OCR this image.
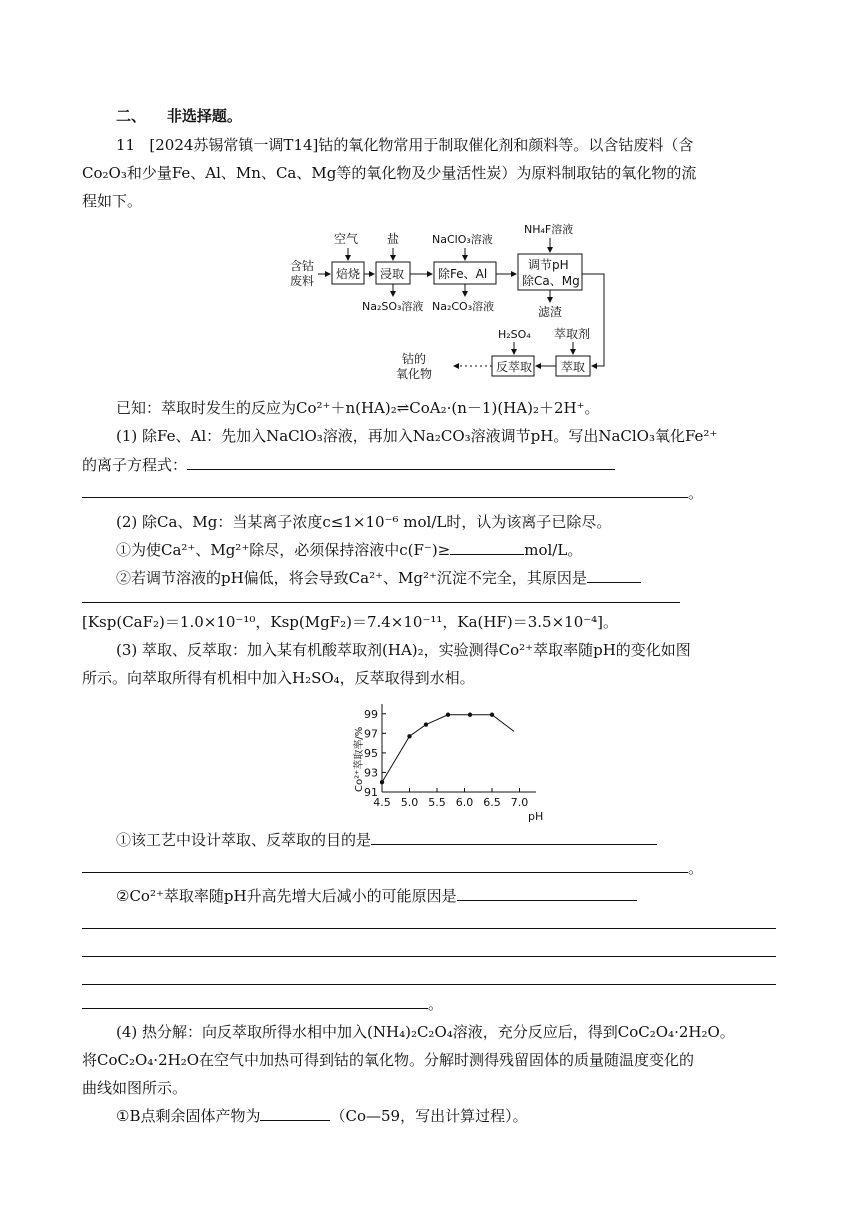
二、 非选择题。
11 [2024苏锡常镇一调T14]钴的氧化物常用于制取催化剂和颜料等。以含钴废料（含
Co₂O₃和少量Fe、Al、Mn、Ca、Mg等的氧化物及少量活性炭）为原料制取钴的氧化物的流
程如下。
含钴
废料 焙烧 浸取	除Fe、Al
调节pH
除Ca、Mg
萃取
反萃取
空气 盐	NaClO₃溶液
NH₄F溶液
H₂SO₄ 萃取剂
Na₂SO₃溶液 Na₂CO₃溶液	滤渣
钴的
氧化物
已知：萃取时发生的反应为Co²⁺＋n(HA)₂⇌CoA₂·(n－1)(HA)₂＋2H⁺。
(1) 除Fe、Al：先加入NaClO₃溶液，再加入Na₂CO₃溶液调节pH。写出NaClO₃氧化Fe²⁺
的离子方程式：
。
(2) 除Ca、Mg：当某离子浓度c≤1×10⁻⁶ mol/L时，认为该离子已除尽。
①为使Ca²⁺、Mg²⁺除尽，必须保持溶液中c(F⁻)≥	mol/L。
②若调节溶液的pH偏低，将会导致Ca²⁺、Mg²⁺沉淀不完全，其原因是
[Ksp(CaF₂)＝1.0×10⁻¹⁰，Ksp(MgF₂)＝7.4×10⁻¹¹，Ka(HF)＝3.5×10⁻⁴]。
(3) 萃取、反萃取：加入某有机酸萃取剂(HA)₂，实验测得Co²⁺萃取率随pH的变化如图
所示。向萃取所得有机相中加入H₂SO₄，反萃取得到水相。
91
93
95
97
99
4.5 5.0 5.5 6.0 6.5 7.0
Co²⁺萃取率/%
pH
①该工艺中设计萃取、反萃取的目的是
。
②Co²⁺萃取率随pH升高先增大后减小的可能原因是
。
(4) 热分解：向反萃取所得水相中加入(NH₄)₂C₂O₄溶液，充分反应后，得到CoC₂O₄·2H₂O。
将CoC₂O₄·2H₂O在空气中加热可得到钴的氧化物。分解时测得残留固体的质量随温度变化的
曲线如图所示。
①B点剩余固体产物为	（Co—59，写出计算过程）。
